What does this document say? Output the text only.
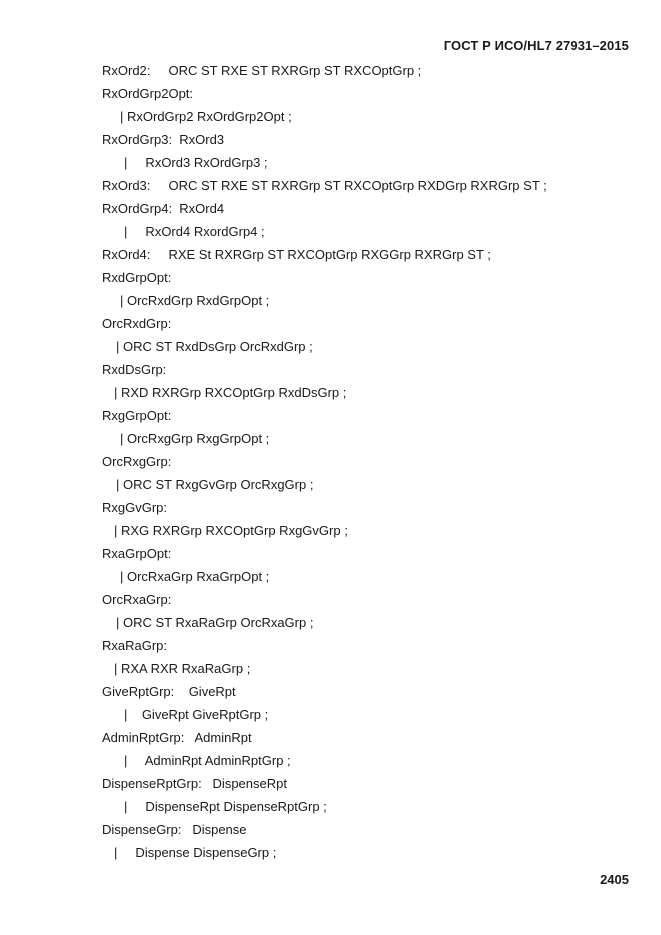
ГОСТ Р ИСО/HL7 27931–2015
RxOrd2:     ORC ST RXE ST RXRGrp ST RXCOptGrp ;
RxOrdGrp2Opt:
| RxOrdGrp2 RxOrdGrp2Opt ;
RxOrdGrp3:  RxOrd3
|     RxOrd3 RxOrdGrp3 ;
RxOrd3:     ORC ST RXE ST RXRGrp ST RXCOptGrp RXDGrp RXRGrp ST ;
RxOrdGrp4:  RxOrd4
|     RxOrd4 RxordGrp4 ;
RxOrd4:     RXE St RXRGrp ST RXCOptGrp RXGGrp RXRGrp ST ;
RxdGrpOpt:
| OrcRxdGrp RxdGrpOpt ;
OrcRxdGrp:
| ORC ST RxdDsGrp OrcRxdGrp ;
RxdDsGrp:
| RXD RXRGrp RXCOptGrp RxdDsGrp ;
RxgGrpOpt:
| OrcRxgGrp RxgGrpOpt ;
OrcRxgGrp:
| ORC ST RxgGvGrp OrcRxgGrp ;
RxgGvGrp:
| RXG RXRGrp RXCOptGrp RxgGvGrp ;
RxaGrpOpt:
| OrcRxaGrp RxaGrpOpt ;
OrcRxaGrp:
| ORC ST RxaRaGrp OrcRxaGrp ;
RxaRaGrp:
| RXA RXR RxaRaGrp ;
GiveRptGrp:    GiveRpt
|    GiveRpt GiveRptGrp ;
AdminRptGrp:   AdminRpt
|     AdminRpt AdminRptGrp ;
DispenseRptGrp:   DispenseRpt
|     DispenseRpt DispenseRptGrp ;
DispenseGrp:   Dispense
|     Dispense DispenseGrp ;
2405
